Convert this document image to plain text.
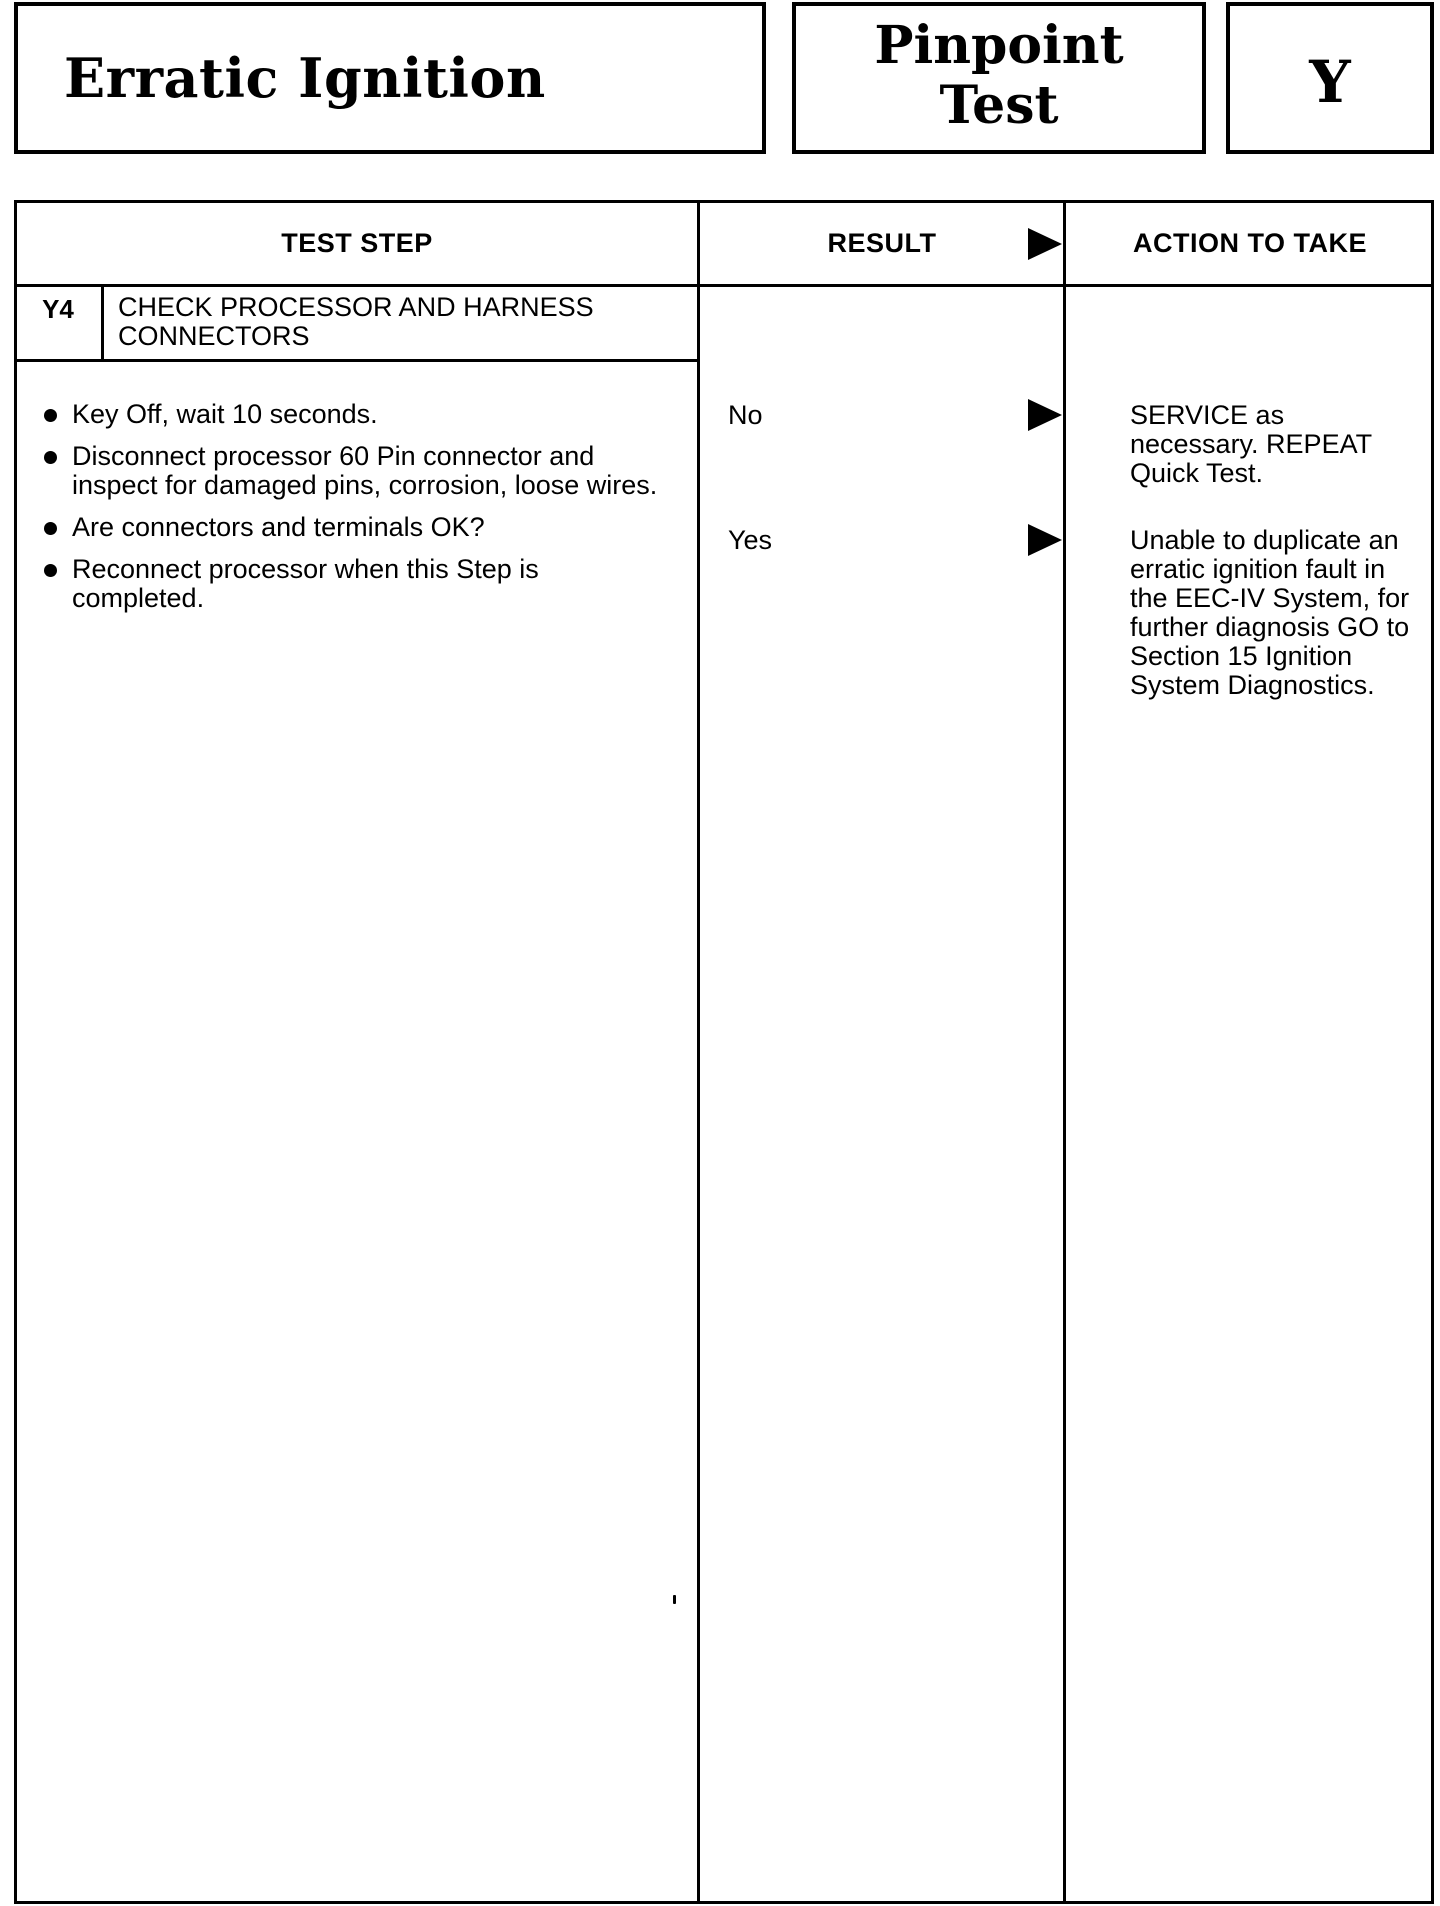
Erratic Ignition
Pinpoint
Test	Y
TEST STEP	RESULT	ACTION TO TAKE
Y4	CHECK PROCESSOR AND HARNESS CONNECTORS
Key Off, wait 10 seconds.
Disconnect processor 60 Pin connector and inspect for damaged pins, corrosion, loose wires.
Are connectors and terminals OK?
Reconnect processor when this Step is completed.
No	SERVICE as necessary. REPEAT Quick Test.
Yes	Unable to duplicate an erratic ignition fault in the EEC-IV System, for further diagnosis GO to Section 15 Ignition System Diagnostics.
